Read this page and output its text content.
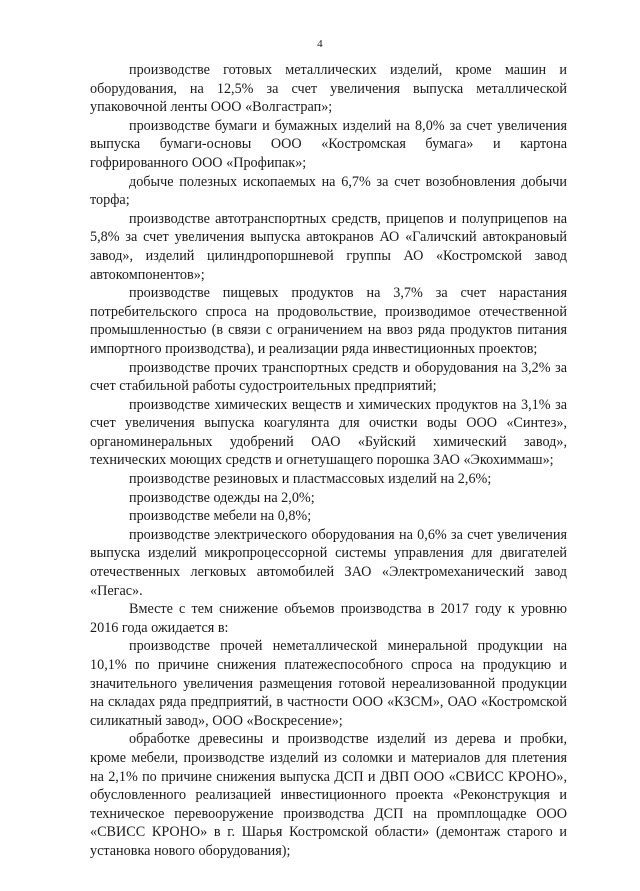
4

производстве готовых металлических изделий, кроме машин и оборудования, на 12,5% за счет увеличения выпуска металлической упаковочной ленты ООО «Волгастрап»;

производстве бумаги и бумажных изделий на 8,0% за счет увеличения выпуска бумаги-основы ООО «Костромская бумага» и картона гофрированного ООО «Профипак»;

добыче полезных ископаемых на 6,7% за счет возобновления добычи торфа;

производстве автотранспортных средств, прицепов и полуприцепов на 5,8% за счет увеличения выпуска автокранов АО «Галичский автокрановый завод», изделий цилиндропоршневой группы АО «Костромской завод автокомпонентов»;

производстве пищевых продуктов на 3,7% за счет нарастания потребительского спроса на продовольствие, производимое отечественной промышленностью (в связи с ограничением на ввоз ряда продуктов питания импортного производства), и реализации ряда инвестиционных проектов;

производстве прочих транспортных средств и оборудования на 3,2% за счет стабильной работы судостроительных предприятий;

производстве химических веществ и химических продуктов на 3,1% за счет увеличения выпуска коагулянта для очистки воды ООО «Синтез», органоминеральных удобрений ОАО «Буйский химический завод», технических моющих средств и огнетушащего порошка ЗАО «Экохиммаш»;

производстве резиновых и пластмассовых изделий на 2,6%;

производстве одежды на 2,0%;

производстве мебели на 0,8%;

производстве электрического оборудования на 0,6% за счет увеличения выпуска изделий микропроцессорной системы управления для двигателей отечественных легковых автомобилей ЗАО «Электромеханический завод «Пегас».

Вместе с тем снижение объемов производства в 2017 году к уровню 2016 года ожидается в:

производстве прочей неметаллической минеральной продукции на 10,1% по причине снижения платежеспособного спроса на продукцию и значительного увеличения размещения готовой нереализованной продукции на складах ряда предприятий, в частности ООО «КЗСМ», ОАО «Костромской силикатный завод», ООО «Воскресение»;

обработке древесины и производстве изделий из дерева и пробки, кроме мебели, производстве изделий из соломки и материалов для плетения на 2,1% по причине снижения выпуска ДСП и ДВП ООО «СВИСС КРОНО», обусловленного реализацией инвестиционного проекта «Реконструкция и техническое перевооружение производства ДСП на промплощадке ООО «СВИСС КРОНО» в г. Шарья Костромской области» (демонтаж старого и установка нового оборудования);
